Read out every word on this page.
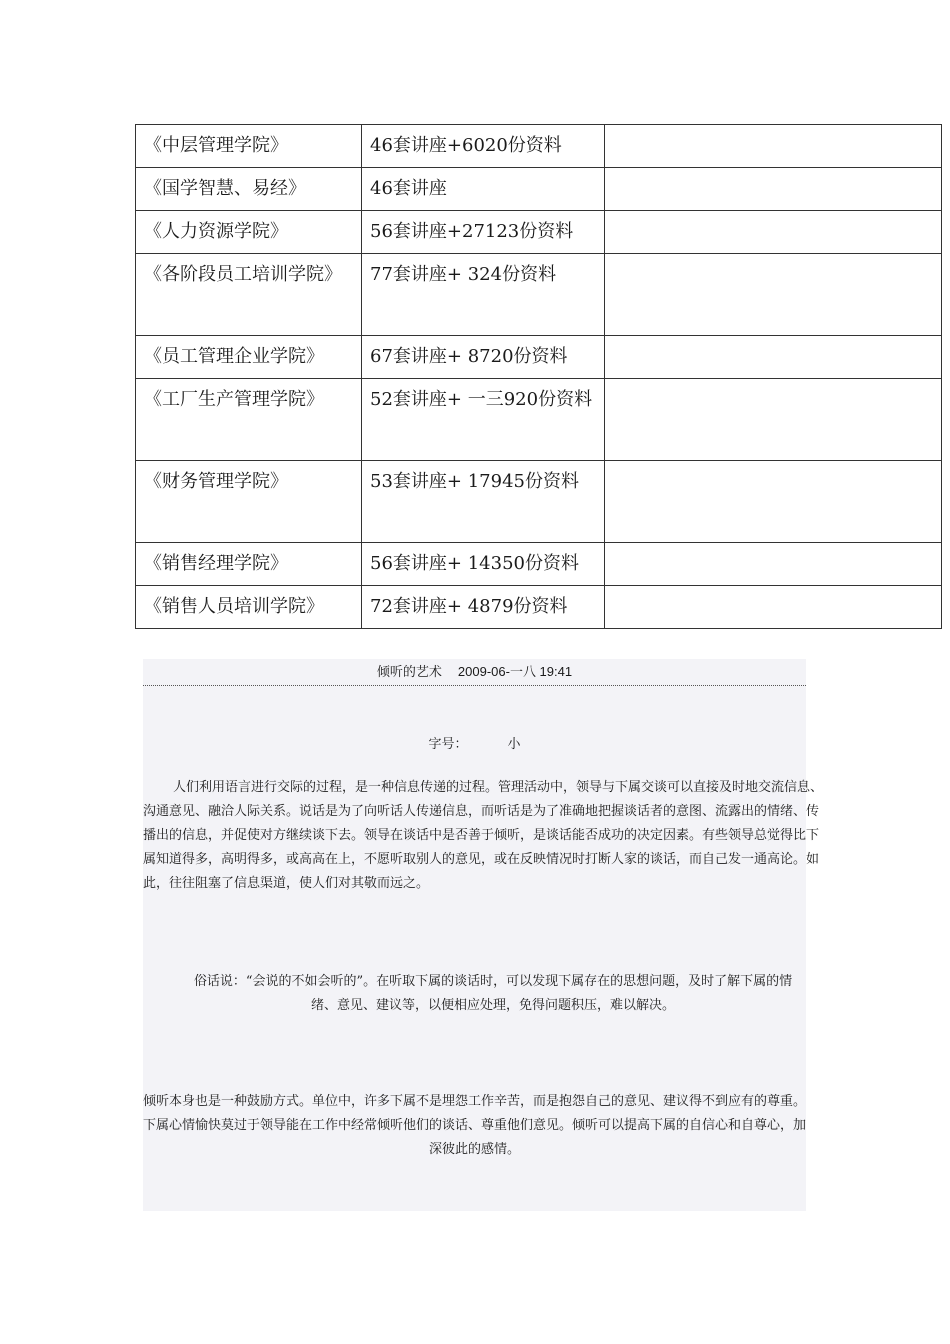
《中层管理学院》	46套讲座+6020份资料	
《国学智慧、易经》	46套讲座	
《人力资源学院》	56套讲座+27123份资料	
《各阶段员工培训学院》	77套讲座+ 324份资料	
《员工管理企业学院》	67套讲座+ 8720份资料	
《工厂生产管理学院》	52套讲座+ 一三920份资料	
《财务管理学院》	53套讲座+ 17945份资料	
《销售经理学院》	56套讲座+ 14350份资料	
《销售人员培训学院》	72套讲座+ 4879份资料	
倾听的艺术 2009-06-一八 19:41
字号：	小
人们利用语言进行交际的过程，是一种信息传递的过程。管理活动中，领导与下属交谈可以直接及时地交流信息、沟通意见、融洽人际关系。说话是为了向听话人传递信息，而听话是为了准确地把握谈话者的意图、流露出的情绪、传播出的信息，并促使对方继续谈下去。领导在谈话中是否善于倾听，是谈话能否成功的决定因素。有些领导总觉得比下属知道得多，高明得多，或高高在上，不愿听取别人的意见，或在反映情况时打断人家的谈话，而自己发一通高论。如此，往往阻塞了信息渠道，使人们对其敬而远之。
俗话说：“会说的不如会听的”。在听取下属的谈话时，可以发现下属存在的思想问题，及时了解下属的情绪、意见、建议等，以便相应处理，免得问题积压，难以解决。
倾听本身也是一种鼓励方式。单位中，许多下属不是埋怨工作辛苦，而是抱怨自己的意见、建议得不到应有的尊重。下属心情愉快莫过于领导能在工作中经常倾听他们的谈话、尊重他们意见。倾听可以提高下属的自信心和自尊心，加深彼此的感情。
